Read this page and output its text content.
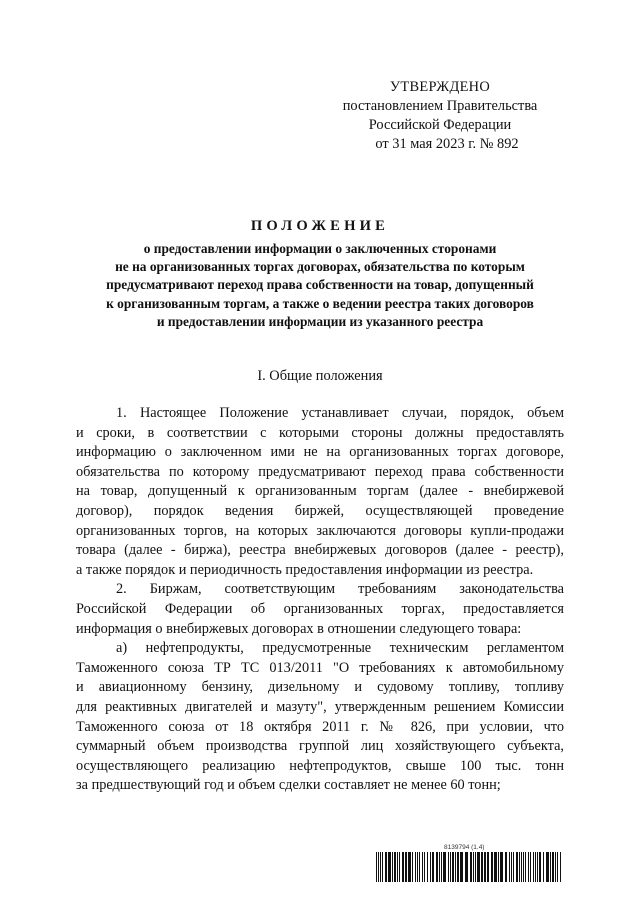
УТВЕРЖДЕНО
постановлением Правительства
Российской Федерации
от 31 мая 2023 г. № 892
ПОЛОЖЕНИЕ
о предоставлении информации о заключенных сторонами
не на организованных торгах договорах, обязательства по которым
предусматривают переход права собственности на товар, допущенный
к организованным торгам, а также о ведении реестра таких договоров
и предоставлении информации из указанного реестра
I. Общие положения
1. Настоящее Положение устанавливает случаи, порядок, объем
и сроки, в соответствии с которыми стороны должны предоставлять
информацию о заключенном ими не на организованных торгах договоре,
обязательства по которому предусматривают переход права собственности
на товар, допущенный к организованным торгам (далее - внебиржевой
договор), порядок ведения биржей, осуществляющей проведение
организованных торгов, на которых заключаются договоры купли-продажи
товара (далее - биржа), реестра внебиржевых договоров (далее - реестр),
а также порядок и периодичность предоставления информации из реестра.
2. Биржам, соответствующим требованиям законодательства
Российской Федерации об организованных торгах, предоставляется
информация о внебиржевых договорах в отношении следующего товара:
а) нефтепродукты, предусмотренные техническим регламентом
Таможенного союза ТР ТС 013/2011 "О требованиях к автомобильному
и авиационному бензину, дизельному и судовому топливу, топливу
для реактивных двигателей и мазуту", утвержденным решением Комиссии
Таможенного союза от 18 октября 2011 г. № 826, при условии, что
суммарный объем производства группой лиц хозяйствующего субъекта,
осуществляющего реализацию нефтепродуктов, свыше 100 тыс. тонн
за предшествующий год и объем сделки составляет не менее 60 тонн;
8139794 (1.4)
